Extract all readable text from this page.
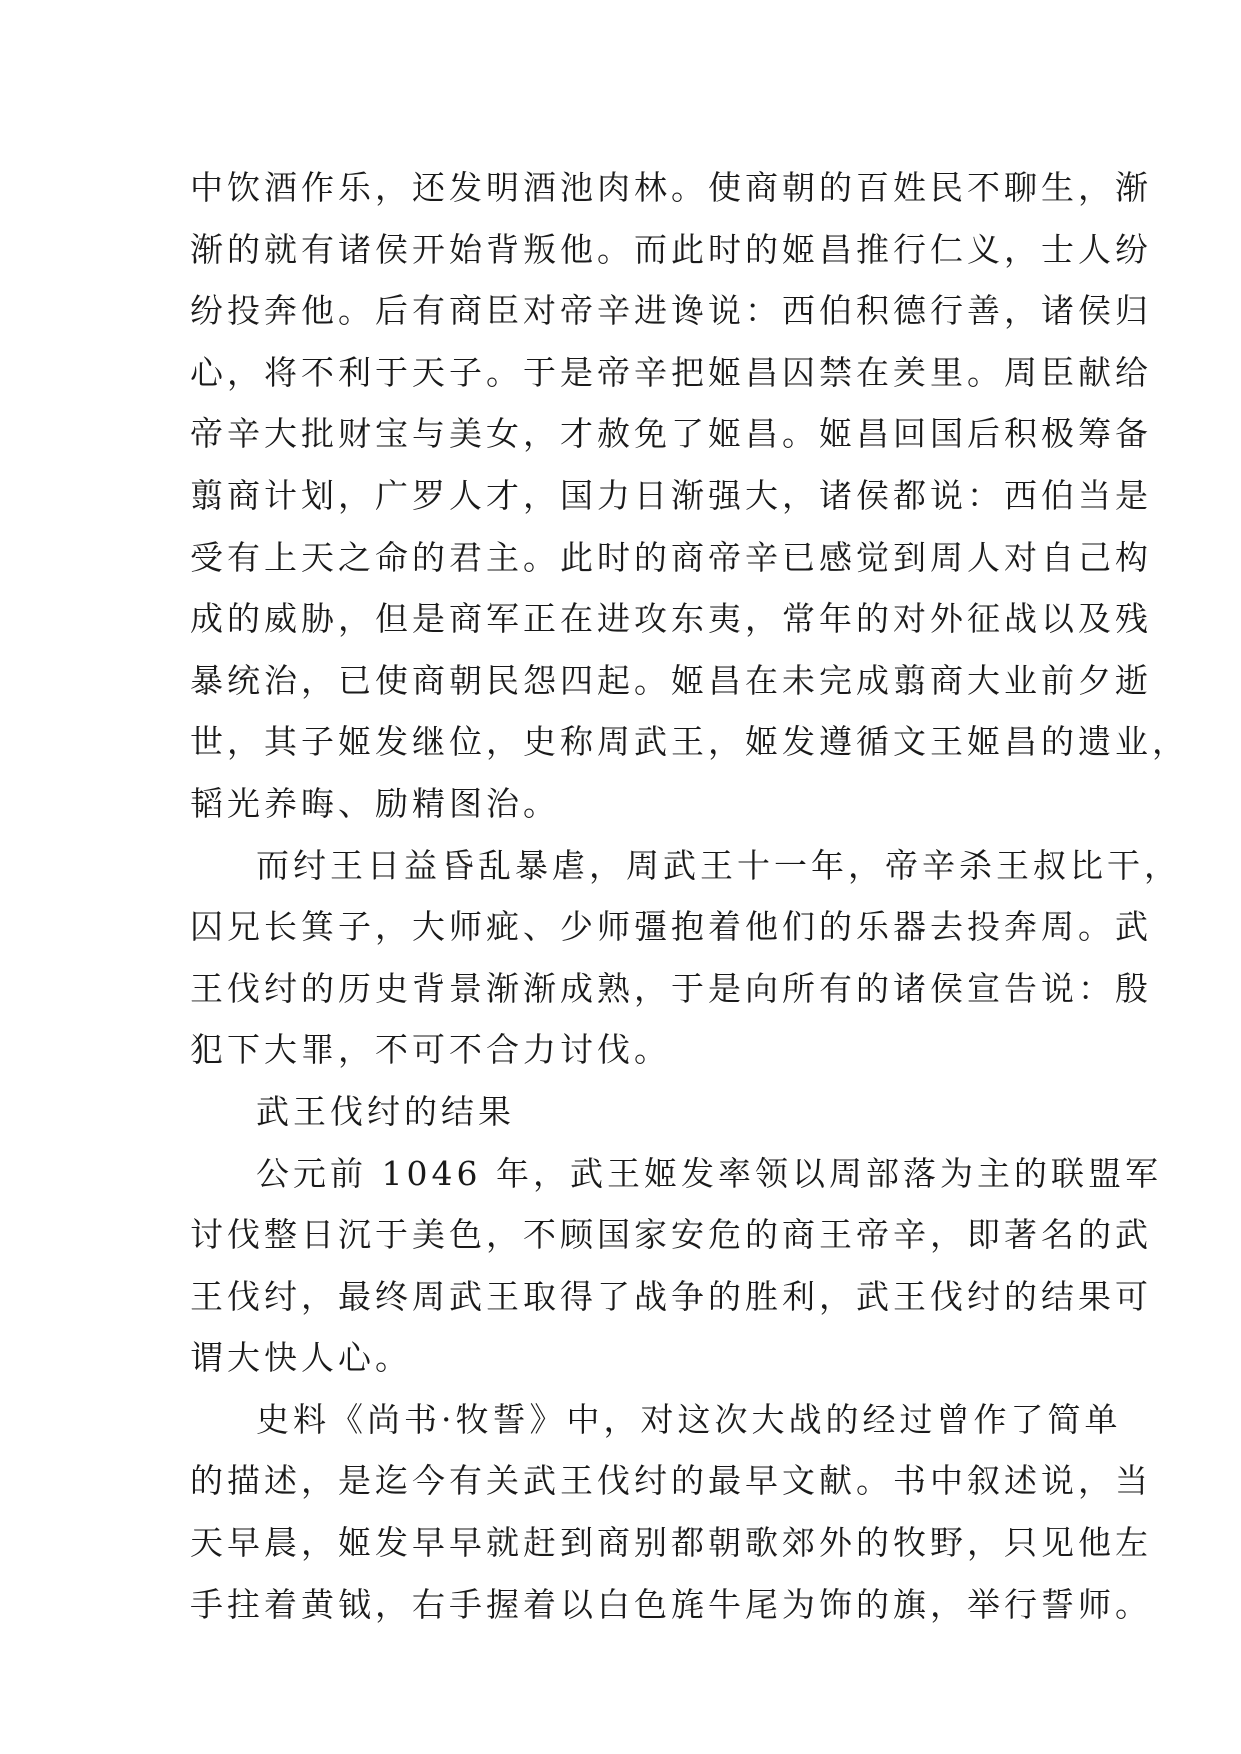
中饮酒作乐，还发明酒池肉林。使商朝的百姓民不聊生，渐
渐的就有诸侯开始背叛他。而此时的姬昌推行仁义，士人纷
纷投奔他。后有商臣对帝辛进谗说：西伯积德行善，诸侯归
心，将不利于天子。于是帝辛把姬昌囚禁在羑里。周臣献给
帝辛大批财宝与美女，才赦免了姬昌。姬昌回国后积极筹备
翦商计划，广罗人才，国力日渐强大，诸侯都说：西伯当是
受有上天之命的君主。此时的商帝辛已感觉到周人对自己构
成的威胁，但是商军正在进攻东夷，常年的对外征战以及残
暴统治，已使商朝民怨四起。姬昌在未完成翦商大业前夕逝
世，其子姬发继位，史称周武王，姬发遵循文王姬昌的遗业，
韬光养晦、励精图治。
而纣王日益昏乱暴虐，周武王十一年，帝辛杀王叔比干，
囚兄长箕子，大师疵、少师彊抱着他们的乐器去投奔周。武
王伐纣的历史背景渐渐成熟，于是向所有的诸侯宣告说：殷
犯下大罪，不可不合力讨伐。
武王伐纣的结果
公元前 1046 年，武王姬发率领以周部落为主的联盟军
讨伐整日沉于美色，不顾国家安危的商王帝辛，即著名的武
王伐纣，最终周武王取得了战争的胜利，武王伐纣的结果可
谓大快人心。
史料《尚书·牧誓》中，对这次大战的经过曾作了简单
的描述，是迄今有关武王伐纣的最早文献。书中叙述说，当
天早晨，姬发早早就赶到商别都朝歌郊外的牧野，只见他左
手拄着黄钺，右手握着以白色旄牛尾为饰的旗，举行誓师。
